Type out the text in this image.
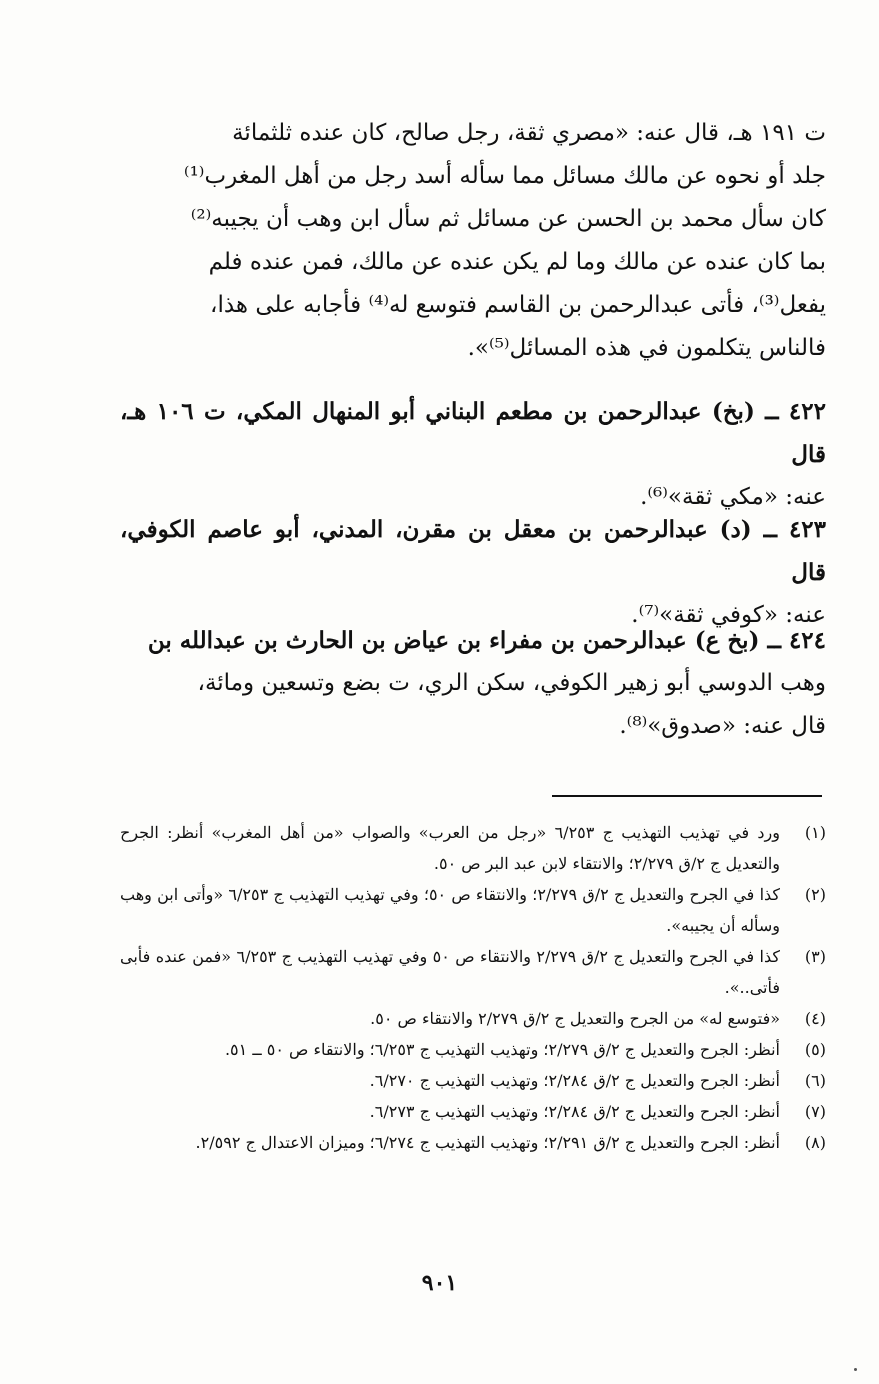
ت ١٩١ هـ، قال عنه: «مصري ثقة، رجل صالح، كان عنده ثلثمائة

جلد أو نحوه عن مالك مسائل مما سأله أسد رجل من أهل المغرب⁽¹⁾

كان سأل محمد بن الحسن عن مسائل ثم سأل ابن وهب أن يجيبه⁽²⁾

بما كان عنده عن مالك وما لم يكن عنده عن مالك، فمن عنده فلم

يفعل⁽³⁾، فأتى عبدالرحمن بن القاسم فتوسع له⁽⁴⁾ فأجابه على هذا،

فالناس يتكلمون في هذه المسائل⁽⁵⁾».

٤٢٢ ــ (بخ) عبدالرحمن بن مطعم البناني أبو المنهال المكي، ت ١٠٦ هـ، قال

عنه: «مكي ثقة»⁽⁶⁾.

٤٢٣ ــ (د) عبدالرحمن بن معقل بن مقرن، المدني، أبو عاصم الكوفي، قال

عنه: «كوفي ثقة»⁽⁷⁾.

٤٢٤ ــ (بخ ع) عبدالرحمن بن مفراء بن عياض بن الحارث بن عبدالله بن

وهب الدوسي أبو زهير الكوفي، سكن الري، ت بضع وتسعين ومائة،

قال عنه: «صدوق»⁽⁸⁾.

(١)
ورد في تهذيب التهذيب ج ٦/٢٥٣ «رجل من العرب» والصواب «من أهل المغرب» أنظر: الجرح والتعديل ج ٢/ق ٢/٢٧٩؛ والانتقاء لابن عبد البر ص ٥٠.
(٢)
كذا في الجرح والتعديل ج ٢/ق ٢/٢٧٩؛ والانتقاء ص ٥٠؛ وفي تهذيب التهذيب ج ٦/٢٥٣ «وأتى ابن وهب وسأله أن يجيبه».
(٣)
كذا في الجرح والتعديل ج ٢/ق ٢/٢٧٩ والانتقاء ص ٥٠ وفي تهذيب التهذيب ج ٦/٢٥٣ «فمن عنده فأبى فأتى..».
(٤)
«فتوسع له» من الجرح والتعديل ج ٢/ق ٢/٢٧٩ والانتقاء ص ٥٠.
(٥)
أنظر: الجرح والتعديل ج ٢/ق ٢/٢٧٩؛ وتهذيب التهذيب ج ٦/٢٥٣؛ والانتقاء ص ٥٠ ــ ٥١.
(٦)
أنظر: الجرح والتعديل ج ٢/ق ٢/٢٨٤؛ وتهذيب التهذيب ج ٦/٢٧٠.
(٧)
أنظر: الجرح والتعديل ج ٢/ق ٢/٢٨٤؛ وتهذيب التهذيب ج ٦/٢٧٣.
(٨)
أنظر: الجرح والتعديل ج ٢/ق ٢/٢٩١؛ وتهذيب التهذيب ج ٦/٢٧٤؛ وميزان الاعتدال ج ٢/٥٩٢.
٩٠١
